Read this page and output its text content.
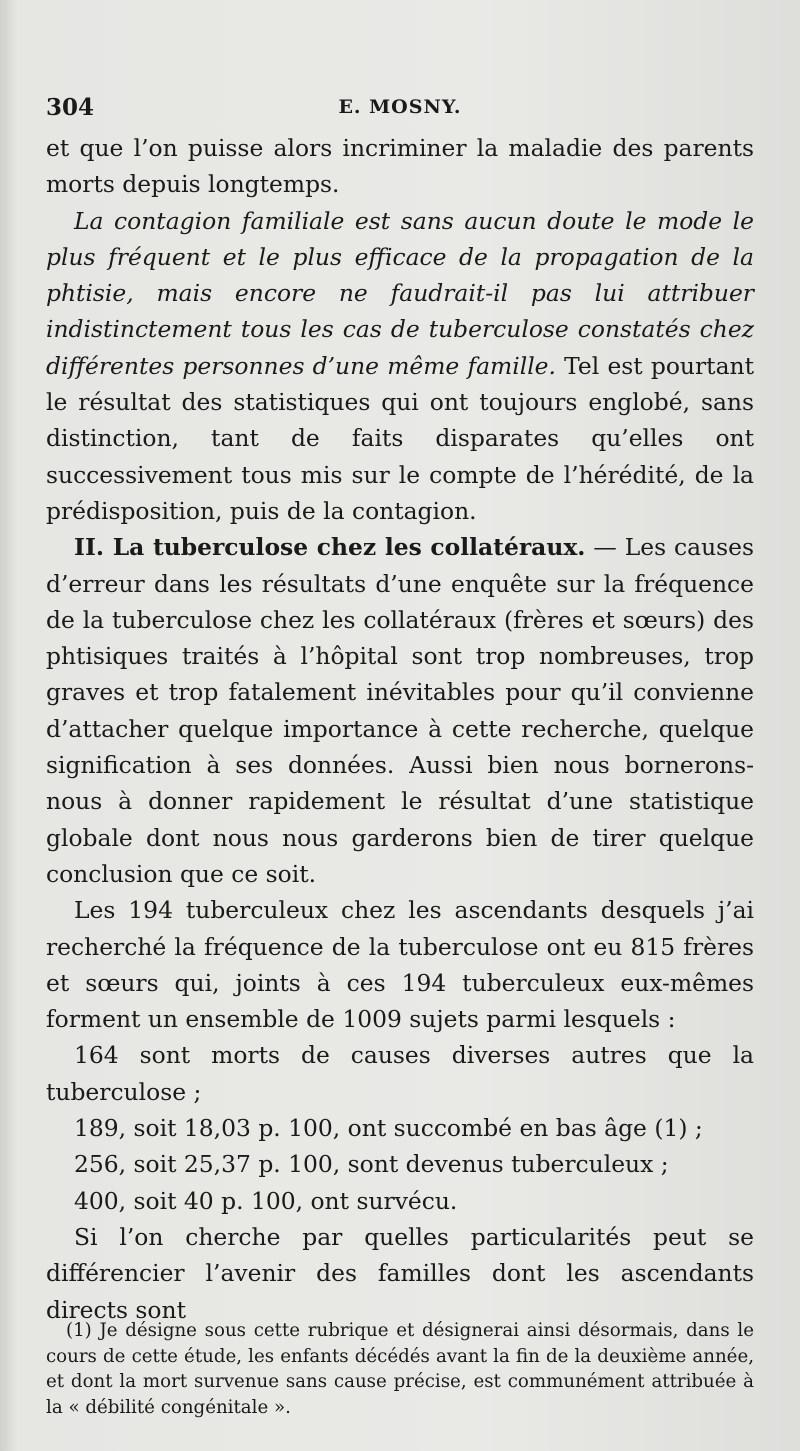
304	E. MOSNY.

et que l’on puisse alors incriminer la maladie des parents morts depuis longtemps.

La contagion familiale est sans aucun doute le mode le plus fréquent et le plus efficace de la propagation de la phtisie, mais encore ne faudrait-il pas lui attribuer indistinctement tous les cas de tuberculose constatés chez différentes personnes d’une même famille. Tel est pourtant le résultat des statistiques qui ont toujours englobé, sans distinction, tant de faits disparates qu’elles ont successivement tous mis sur le compte de l’hérédité, de la prédisposition, puis de la contagion.

II. La tuberculose chez les collatéraux. — Les causes d’erreur dans les résultats d’une enquête sur la fréquence de la tuberculose chez les collatéraux (frères et sœurs) des phtisiques traités à l’hôpital sont trop nombreuses, trop graves et trop fatalement inévitables pour qu’il convienne d’attacher quelque importance à cette recherche, quelque signification à ses données. Aussi bien nous bornerons-nous à donner rapidement le résultat d’une statistique globale dont nous nous garderons bien de tirer quelque conclusion que ce soit.

Les 194 tuberculeux chez les ascendants desquels j’ai recherché la fréquence de la tuberculose ont eu 815 frères et sœurs qui, joints à ces 194 tuberculeux eux-mêmes forment un ensemble de 1009 sujets parmi lesquels :

164 sont morts de causes diverses autres que la tuberculose ;

189, soit 18,03 p. 100, ont succombé en bas âge (1) ;

256, soit 25,37 p. 100, sont devenus tuberculeux ;

400, soit 40 p. 100, ont survécu.

Si l’on cherche par quelles particularités peut se différencier l’avenir des familles dont les ascendants directs sont

(1) Je désigne sous cette rubrique et désignerai ainsi désormais, dans le cours de cette étude, les enfants décédés avant la fin de la deuxième année, et dont la mort survenue sans cause précise, est communément attribuée à la « débilité congénitale ».
